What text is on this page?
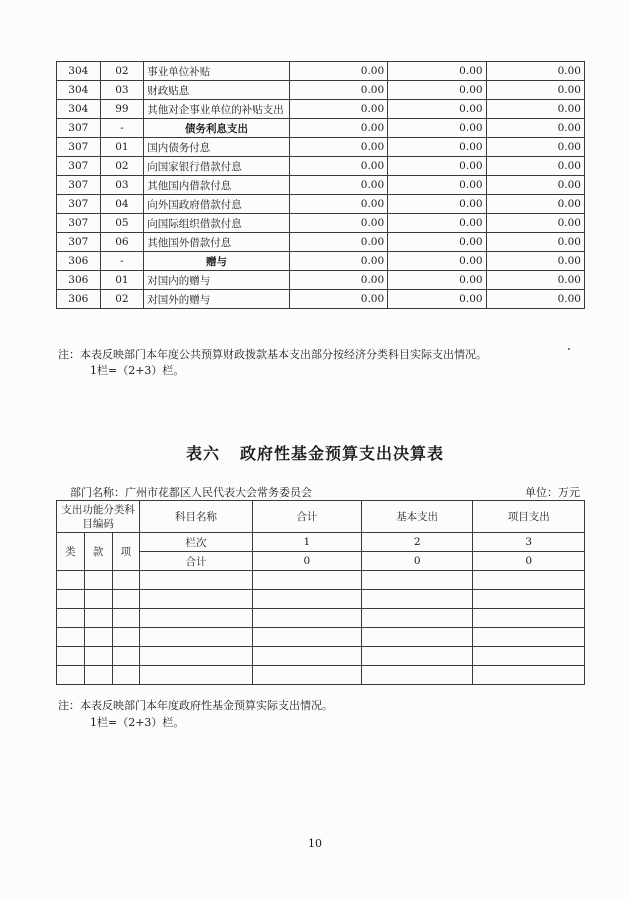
304	02	事业单位补贴	0.00	0.00	0.00
304	03	财政贴息	0.00	0.00	0.00
304	99	其他对企事业单位的补贴支出	0.00	0.00	0.00
307	-	债务利息支出	0.00	0.00	0.00
307	01	国内债务付息	0.00	0.00	0.00
307	02	向国家银行借款付息	0.00	0.00	0.00
307	03	其他国内借款付息	0.00	0.00	0.00
307	04	向外国政府借款付息	0.00	0.00	0.00
307	05	向国际组织借款付息	0.00	0.00	0.00
307	06	其他国外借款付息	0.00	0.00	0.00
306	-	赠与	0.00	0.00	0.00
306	01	对国内的赠与	0.00	0.00	0.00
306	02	对国外的赠与	0.00	0.00	0.00
注：本表反映部门本年度公共预算财政拨款基本支出部分按经济分类科目实际支出情况。
1栏=（2+3）栏。
表六 政府性基金预算支出决算表
部门名称：广州市花都区人民代表大会常务委员会	单位：万元
支出功能分类科目编码			科目名称	合计	基本支出	项目支出

类	款	项	栏次	1	2	3
			合计	0	0	0

注：本表反映部门本年度政府性基金预算实际支出情况。
1栏=（2+3）栏。
10
